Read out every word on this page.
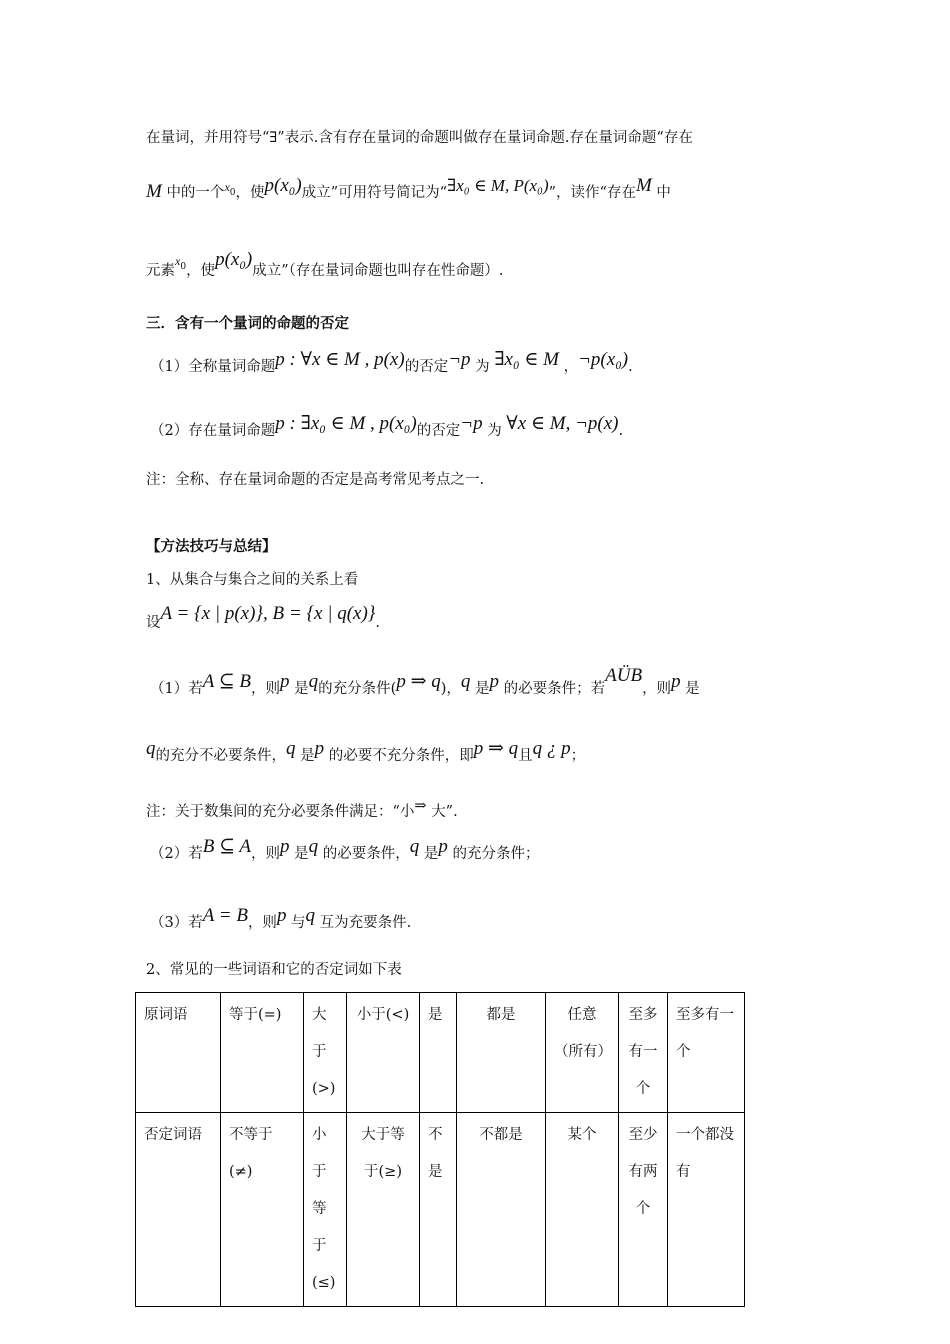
在量词，并用符号“∃”表示.含有存在量词的命题叫做存在量词命题.存在量词命题“存在
M 中的一个$^x$0，使p(x₀)成立”可用符号简记为“∃x₀ ∈ M, P(x₀)”，读作“存在M 中
元素$^{x0}$，使p(x₀)成立”（存在量词命题也叫存在性命题）.
三．含有一个量词的命题的否定
（1）全称量词命题p : ∀x ∈ M , p(x)的否定¬p 为 ∃x₀ ∈ M ，¬p(x₀).
（2）存在量词命题p : ∃x₀ ∈ M , p(x₀)的否定¬p 为 ∀x ∈ M, ¬p(x).
注：全称、存在量词命题的否定是高考常见考点之一.
【方法技巧与总结】
1、从集合与集合之间的关系上看
设A = {x | p(x)}, B = {x | q(x)}.
（1）若A ⊆ B，则p 是q的充分条件(p ⇒ q)，q 是p 的必要条件；若AÜB，则p 是
q的充分不必要条件，q 是p 的必要不充分条件，即p ⇒ q且q ¿ p；
注：关于数集间的充分必要条件满足：“小⇒ 大”.
（2）若B ⊆ A，则p 是q 的必要条件，q 是p 的充分条件；
（3）若A = B，则p 与q 互为充要条件.
2、常见的一些词语和它的否定词如下表
原词语	等于(=)	大于(>)	小于(<)	是	都是	任意（所有）	至多有一个	至多有一个
否定词语	不等于(≠)	小于等于(≤)	大于等于(≥)	不是	不都是	某个	至少有两个	一个都没有
